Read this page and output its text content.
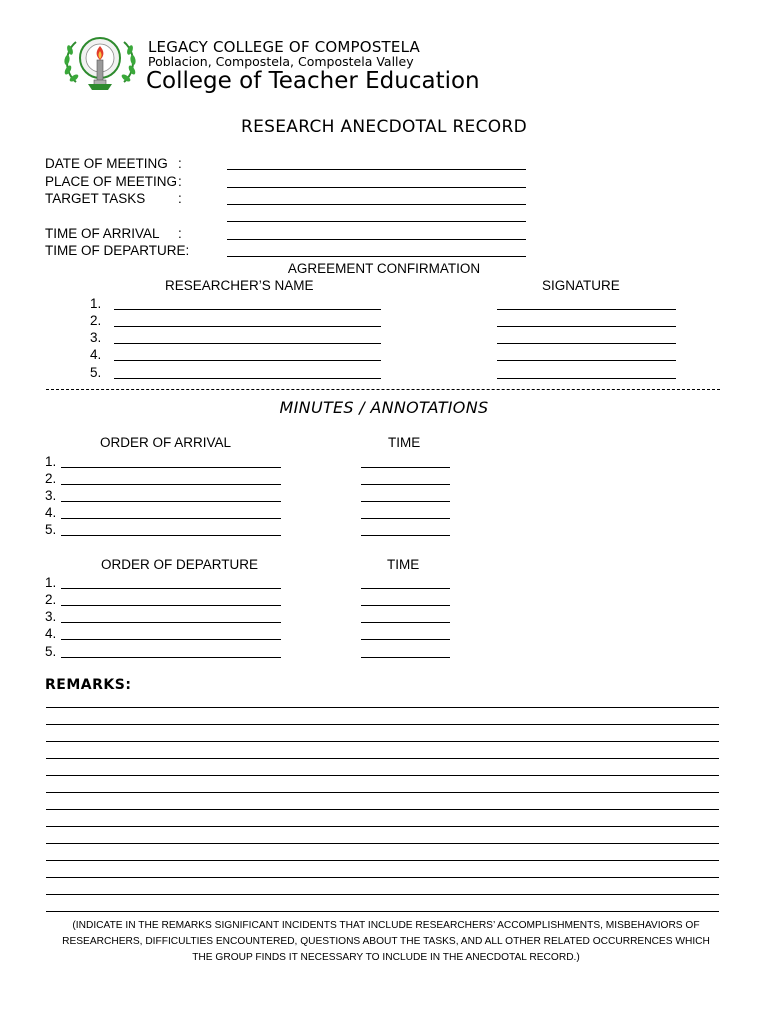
LEGACY COLLEGE OF COMPOSTELA
Poblacion, Compostela, Compostela Valley
College of Teacher Education
RESEARCH ANECDOTAL RECORD
DATE OF MEETING :
PLACE OF MEETING :
TARGET TASKS :
TIME OF ARRIVAL :
TIME OF DEPARTURE:
AGREEMENT CONFIRMATION
RESEARCHER’S NAME	SIGNATURE
1.
2.
3.
4.
5.
MINUTES / ANNOTATIONS
ORDER OF ARRIVAL	TIME
1.
2.
3.
4.
5.
ORDER OF DEPARTURE	TIME
1.
2.
3.
4.
5.
REMARKS:
(INDICATE IN THE REMARKS SIGNIFICANT INCIDENTS THAT INCLUDE RESEARCHERS’ ACCOMPLISHMENTS, MISBEHAVIORS OF RESEARCHERS, DIFFICULTIES ENCOUNTERED, QUESTIONS ABOUT THE TASKS, AND ALL OTHER RELATED OCCURRENCES WHICH THE GROUP FINDS IT NECESSARY TO INCLUDE IN THE ANECDOTAL RECORD.)
